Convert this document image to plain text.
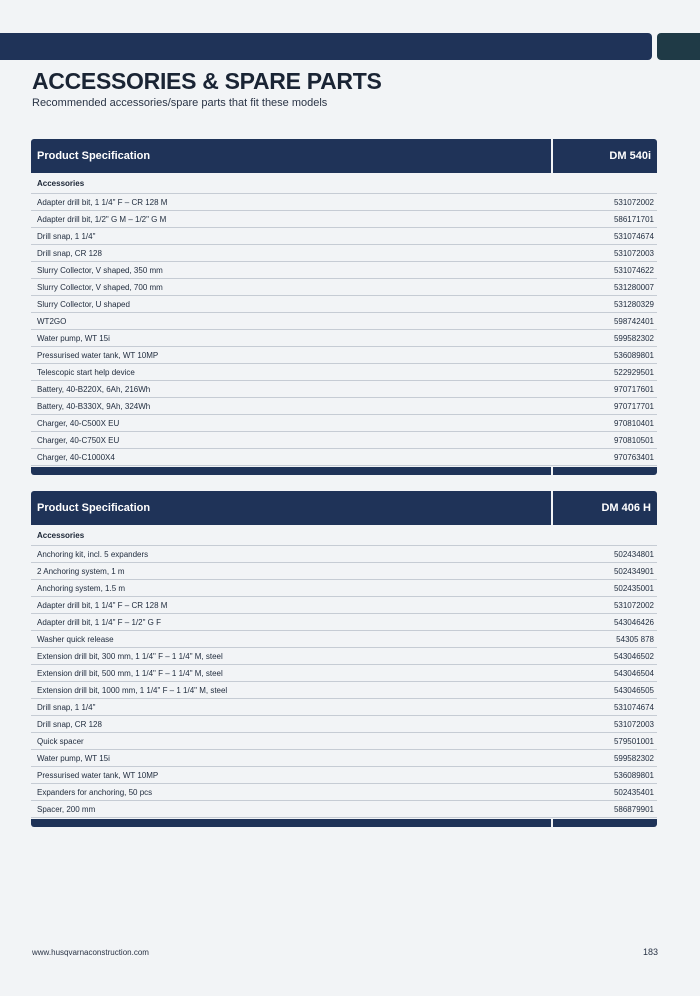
ACCESSORIES & SPARE PARTS
Recommended accessories/spare parts that fit these models
Product Specification	DM 540i
Accessories
Adapter drill bit, 1 1/4" F – CR 128 M	531072002
Adapter drill bit, 1/2" G M – 1/2" G M	586171701
Drill snap, 1 1/4"	531074674
Drill snap, CR 128	531072003
Slurry Collector, V shaped, 350 mm	531074622
Slurry Collector, V shaped, 700 mm	531280007
Slurry Collector, U shaped	531280329
WT2GO	598742401
Water pump, WT 15i	599582302
Pressurised water tank, WT 10MP	536089801
Telescopic start help device	522929501
Battery, 40-B220X, 6Ah, 216Wh	970717601
Battery, 40-B330X, 9Ah, 324Wh	970717701
Charger, 40-C500X EU	970810401
Charger, 40-C750X EU	970810501
Charger, 40-C1000X4	970763401
Product Specification	DM 406 H
Accessories
Anchoring kit, incl. 5 expanders	502434801
2 Anchoring system, 1 m	502434901
Anchoring system, 1.5 m	502435001
Adapter drill bit, 1 1/4" F – CR 128 M	531072002
Adapter drill bit, 1 1/4" F – 1/2" G F	543046426
Washer quick release	54305 878
Extension drill bit, 300 mm, 1 1/4" F – 1 1/4" M, steel	543046502
Extension drill bit, 500 mm, 1 1/4" F – 1 1/4" M, steel	543046504
Extension drill bit, 1000 mm, 1 1/4" F – 1 1/4" M, steel	543046505
Drill snap, 1 1/4"	531074674
Drill snap, CR 128	531072003
Quick spacer	579501001
Water pump, WT 15i	599582302
Pressurised water tank, WT 10MP	536089801
Expanders for anchoring, 50 pcs	502435401
Spacer, 200 mm	586879901
www.husqvarnaconstruction.com	183
